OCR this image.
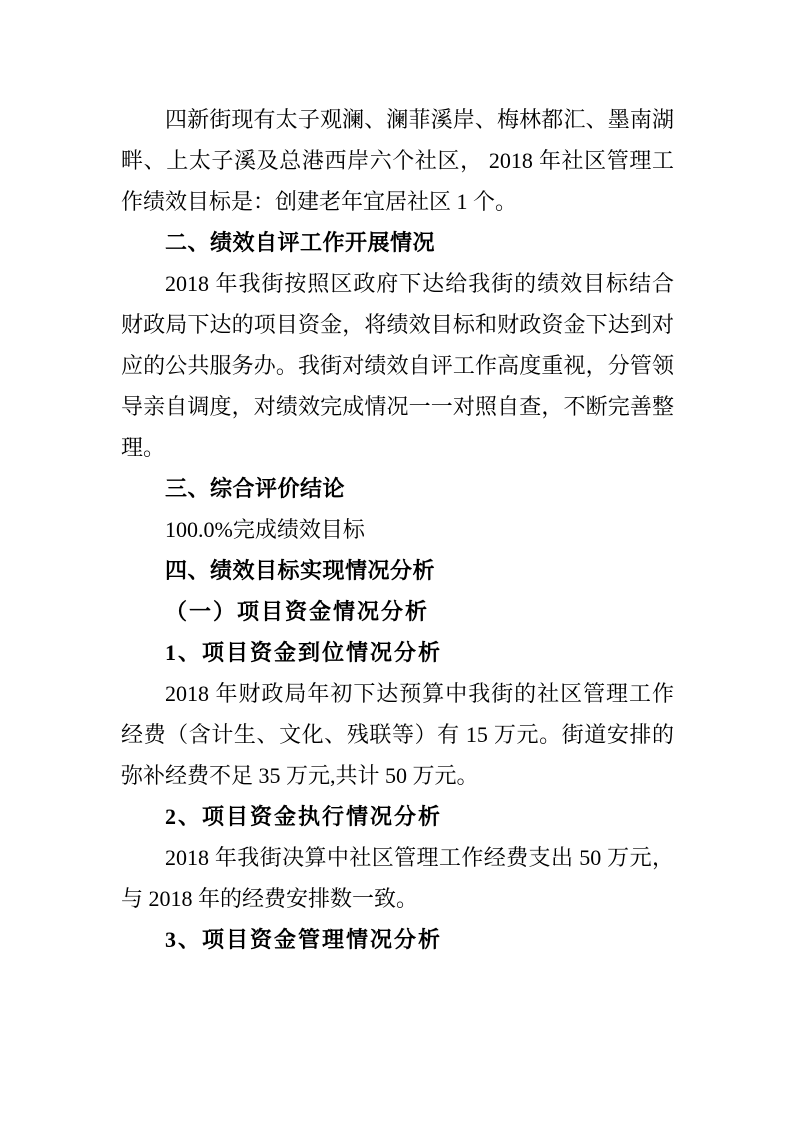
四新街现有太子观澜、澜菲溪岸、梅林都汇、墨南湖畔、上太子溪及总港西岸六个社区， 2018 年社区管理工作绩效目标是：创建老年宜居社区 1 个。

二、绩效自评工作开展情况

2018 年我街按照区政府下达给我街的绩效目标结合财政局下达的项目资金，将绩效目标和财政资金下达到对应的公共服务办。我街对绩效自评工作高度重视，分管领导亲自调度，对绩效完成情况一一对照自查，不断完善整理。

三、综合评价结论

100.0%完成绩效目标

四、绩效目标实现情况分析

（一）项目资金情况分析

1、项目资金到位情况分析

2018 年财政局年初下达预算中我街的社区管理工作经费（含计生、文化、残联等）有 15 万元。街道安排的弥补经费不足 35 万元,共计 50 万元。

2、项目资金执行情况分析

2018 年我街决算中社区管理工作经费支出 50 万元，与 2018 年的经费安排数一致。

3、项目资金管理情况分析
